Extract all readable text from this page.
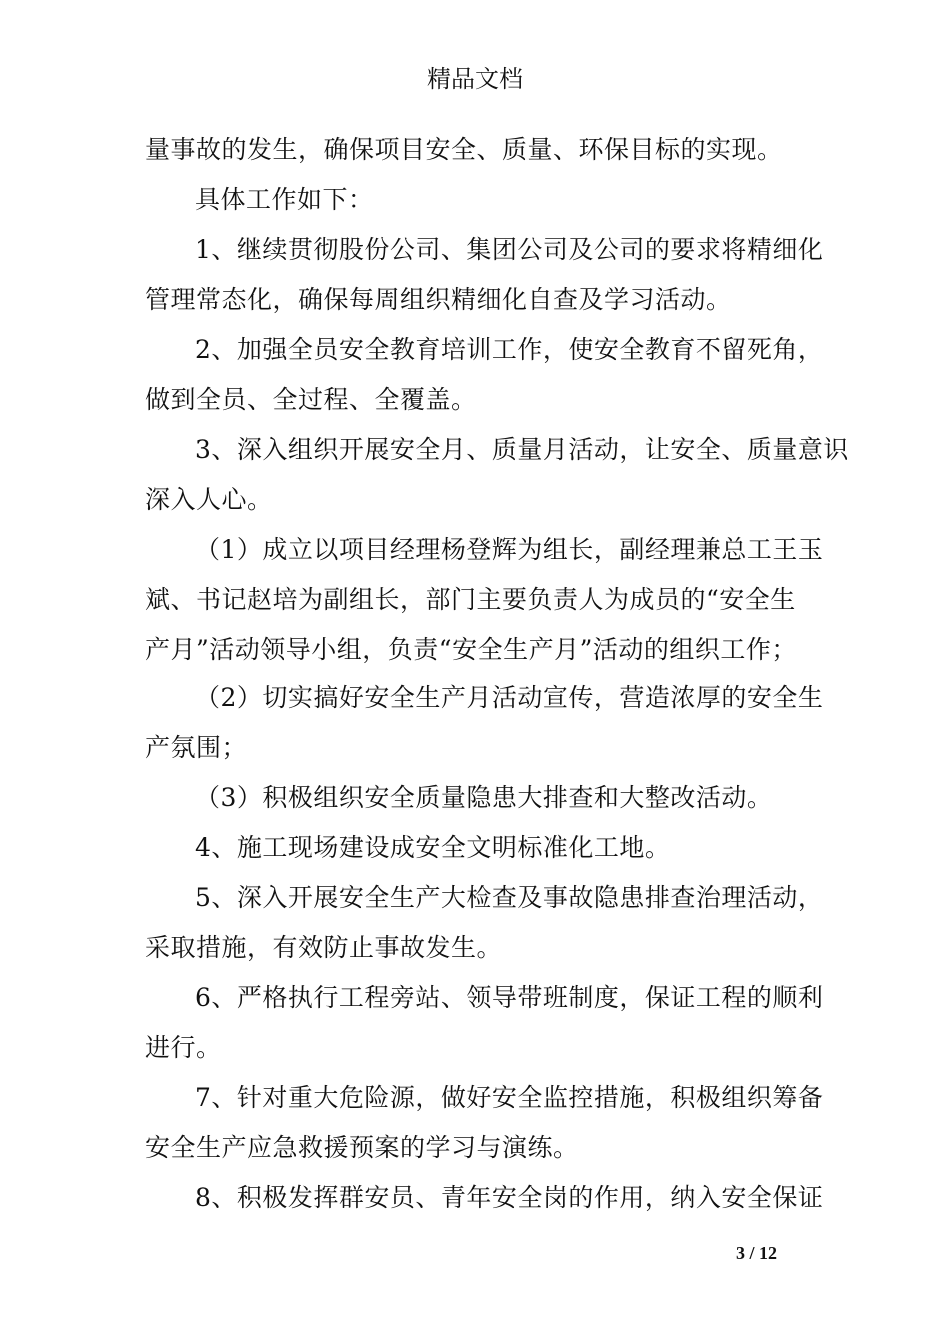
精品文档
量事故的发生，确保项目安全、质量、环保目标的实现。
具体工作如下：
1、继续贯彻股份公司、集团公司及公司的要求将精细化
管理常态化，确保每周组织精细化自查及学习活动。
2、加强全员安全教育培训工作，使安全教育不留死角，
做到全员、全过程、全覆盖。
3、深入组织开展安全月、质量月活动，让安全、质量意识
深入人心。
（1）成立以项目经理杨登辉为组长，副经理兼总工王玉
斌、书记赵培为副组长，部门主要负责人为成员的“安全生
产月”活动领导小组，负责“安全生产月”活动的组织工作；
（2）切实搞好安全生产月活动宣传，营造浓厚的安全生
产氛围；
（3）积极组织安全质量隐患大排查和大整改活动。
4、施工现场建设成安全文明标准化工地。
5、深入开展安全生产大检查及事故隐患排查治理活动，
采取措施，有效防止事故发生。
6、严格执行工程旁站、领导带班制度，保证工程的顺利
进行。
7、针对重大危险源，做好安全监控措施，积极组织筹备
安全生产应急救援预案的学习与演练。
8、积极发挥群安员、青年安全岗的作用，纳入安全保证
3 / 12
